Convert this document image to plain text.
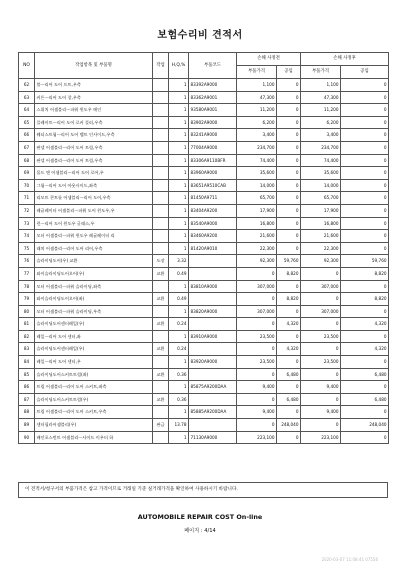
보험수리비 견적서
NO	작업항목 및 부품명	작업	H,Q,%	부품코드	손해 사정전		손해 사정후	
					부품가격	공임	부품가격	공임
62	볼ㅡ리어 도어 프트,우측		1	83392A9000	1,100	0	1,100	0
63	커튼ㅡ리어 도어 창,우측		1	83362A9001	47,300	0	47,300	0
64	스위치 어셈블리ㅡ파워 윈도우 메인		1	93580A9001	11,200	0	11,200	0
65	플레이트ㅡ리어 도어 로커 플러,우측		1	83902A9000	6,200	0	6,200	0
66	웨더스트립ㅡ리어 도어 벨트 인사이드,우측		1	83241A9000	3,400	0	3,400	0
67	판넬 어셈블리ㅡ리어 도어 트림,우측		1	77004A9000	234,700	0	234,700	0
68	판넬 어셈블리ㅡ리어 도어 트림,우측		1	83306A9110BFR	74,400	0	74,400	0
69	몰드 앤 어셈블리ㅡ리어 도어 로어,우		1	83960A9000	35,600	0	35,600	0
70	그립ㅡ리어 도어 아웃사이드,좌측		1	83651A9510CAB	14,000	0	14,000	0
71	리모트 콘트롤 어셈블리ㅡ리어 도어,우측		1	81450A9711	65,700	0	65,700	0
72	레귤레이터 어셈블리ㅡ파워 도어 윈도우,우		1	83404A9200	17,900	0	17,900	0
73	런ㅡ리어 도어 윈도우 글래스,우		1	83540A9000	16,800	0	16,800	0
74	모터 어셈블리ㅡ파워 윈도우 레귤레이터 리		1	83460A9200	21,600	0	21,600	0
75	래치 어셈블리ㅡ리어 도어 리어,우측		1	81420A9010	22,300	0	22,300	0
76	슬라이딩도어(우) 교환	도장	3.32		92,300	59,760	92,300	59,760
77	와이슬라이딩도어오어(우)	교환	0.49		0	8,820	0	8,820
78	모터 어셈블리ㅡ파워 슬라이딩,좌측		1	83810A9000	307,000	0	307,000	0
79	와이슬라이딩도어오어(좌)	교환	0.49		0	8,820	0	8,820
80	모터 어셈블리ㅡ파워 슬라이딩,우측		1	83820A9000	307,000	0	307,000	0
81	슬라이딩도어센터레일(우)	교환	0.24		0	4,320	0	4,320
82	레일ㅡ리어 도어 센터,좌		1	83910A9000	23,500	0	23,500	0
83	슬라이딩도어센터레일(우)	교환	0.24		0	4,320	0	4,320
84	레일ㅡ리어 도어 센터,우		1	83920A9000	23,500	0	23,500	0
85	슬라이딩도어스커트트림(좌)	교환	0.36		0	6,480	0	6,480
86	트림 어셈블리ㅡ리어 도어 스커트,좌측		1	85875A9200DAA	9,400	0	9,400	0
87	슬라이딩도어스커트트림(우)	교환	0.36		0	6,480	0	6,480
88	트림 어셈블리ㅡ리어 도어 스커트,우측		1	85885A9200DAA	9,400	0	9,400	0
89	센터필라어셈블리(우)	판금	13.78		0	248,040	0	248,040
90	배인포스먼트 어셈블리ㅡ사이드 이우터 하		1	71130A9000	223,100	0	223,100	0
이 견적서/청구서의 부품가격은 참고 가격이므로 거래일 기준 실거래가격을 확인하여 사용하시기 바랍니다.
AUTOMOBILE REPAIR COST On-line
페이지 : 4/14
2020-03-07 11:08:41 07556
